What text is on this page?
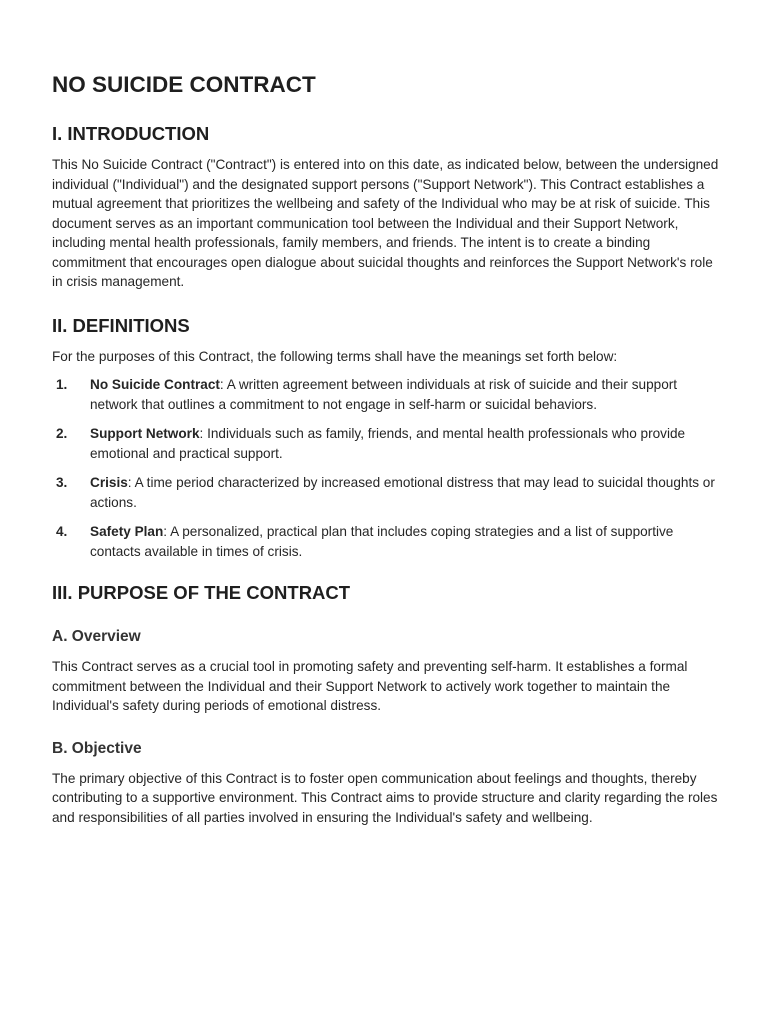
NO SUICIDE CONTRACT
I. INTRODUCTION

This No Suicide Contract ("Contract") is entered into on this date, as indicated below, between the undersigned individual ("Individual") and the designated support persons ("Support Network"). This Contract establishes a mutual agreement that prioritizes the wellbeing and safety of the Individual who may be at risk of suicide. This document serves as an important communication tool between the Individual and their Support Network, including mental health professionals, family members, and friends. The intent is to create a binding commitment that encourages open dialogue about suicidal thoughts and reinforces the Support Network's role in crisis management.

II. DEFINITIONS

For the purposes of this Contract, the following terms shall have the meanings set forth below:

1.	No Suicide Contract: A written agreement between individuals at risk of suicide and their support network that outlines a commitment to not engage in self-harm or suicidal behaviors.
2.	Support Network: Individuals such as family, friends, and mental health professionals who provide emotional and practical support.
3.	Crisis: A time period characterized by increased emotional distress that may lead to suicidal thoughts or actions.
4.	Safety Plan: A personalized, practical plan that includes coping strategies and a list of supportive contacts available in times of crisis.
III. PURPOSE OF THE CONTRACT
A. Overview

This Contract serves as a crucial tool in promoting safety and preventing self-harm. It establishes a formal commitment between the Individual and their Support Network to actively work together to maintain the Individual's safety during periods of emotional distress.

B. Objective

The primary objective of this Contract is to foster open communication about feelings and thoughts, thereby contributing to a supportive environment. This Contract aims to provide structure and clarity regarding the roles and responsibilities of all parties involved in ensuring the Individual's safety and wellbeing.
